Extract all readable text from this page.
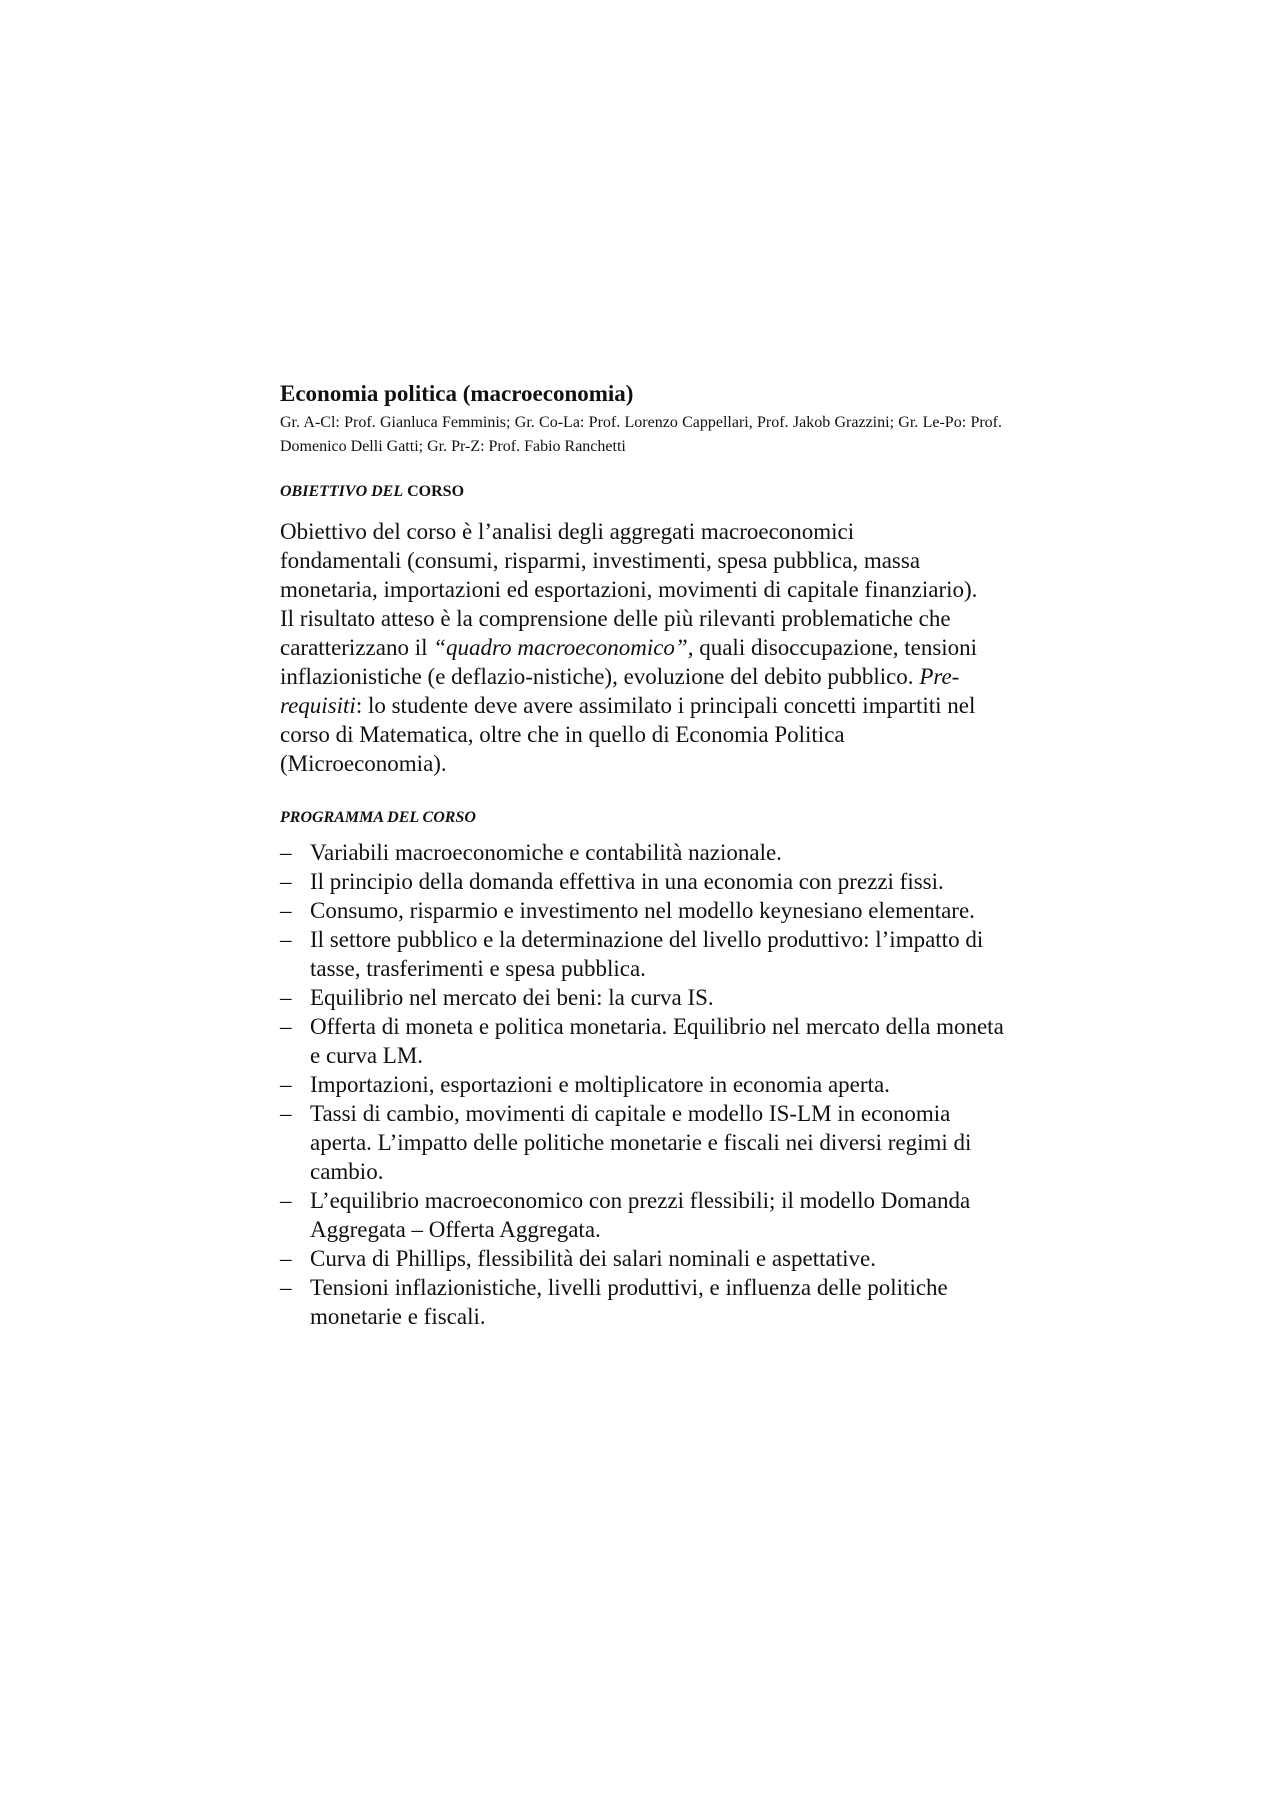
Economia politica (macroeconomia)

Gr. A-Cl: Prof. Gianluca Femminis; Gr. Co-La: Prof. Lorenzo Cappellari, Prof. Jakob Grazzini; Gr. Le-Po: Prof. Domenico Delli Gatti; Gr. Pr-Z: Prof. Fabio Ranchetti

OBIETTIVO DEL CORSO

Obiettivo del corso è l’analisi degli aggregati macroeconomici fondamentali (consumi, risparmi, investimenti, spesa pubblica, massa monetaria, importazioni ed esportazioni, movimenti di capitale finanziario). Il risultato atteso è la comprensione delle più rilevanti problematiche che caratterizzano il “quadro macroeconomico”, quali disoccupazione, tensioni inflazionistiche (e deflazio-nistiche), evoluzione del debito pubblico. Pre-requisiti: lo studente deve avere assimilato i principali concetti impartiti nel corso di Matematica, oltre che in quello di Economia Politica (Microeconomia).

PROGRAMMA DEL CORSO
– Variabili macroeconomiche e contabilità nazionale.
– Il principio della domanda effettiva in una economia con prezzi fissi.
– Consumo, risparmio e investimento nel modello keynesiano elementare.
– Il settore pubblico e la determinazione del livello produttivo: l’impatto di tasse, trasferimenti e spesa pubblica.
– Equilibrio nel mercato dei beni: la curva IS.
– Offerta di moneta e politica monetaria. Equilibrio nel mercato della moneta e curva LM.
– Importazioni, esportazioni e moltiplicatore in economia aperta.
– Tassi di cambio, movimenti di capitale e modello IS-LM in economia aperta. L’impatto delle politiche monetarie e fiscali nei diversi regimi di cambio.
– L’equilibrio macroeconomico con prezzi flessibili; il modello Domanda Aggregata – Offerta Aggregata.
– Curva di Phillips, flessibilità dei salari nominali e aspettative.
– Tensioni inflazionistiche, livelli produttivi, e influenza delle politiche monetarie e fiscali.
